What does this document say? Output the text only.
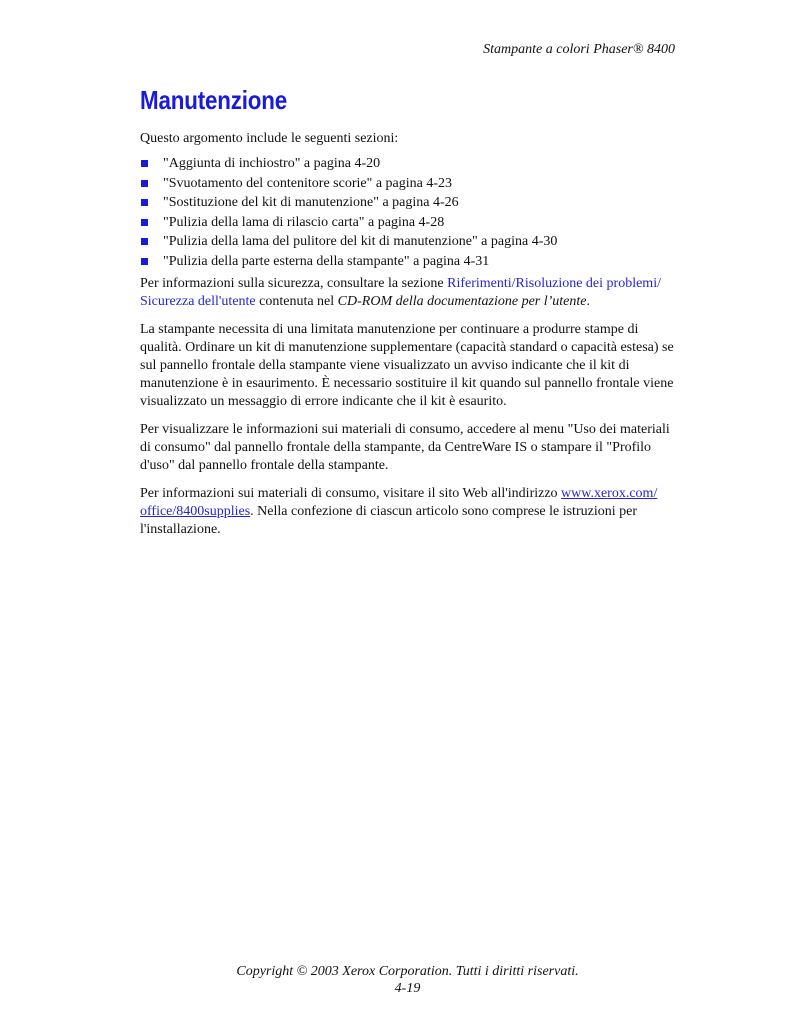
Stampante a colori Phaser® 8400
Manutenzione

Questo argomento include le seguenti sezioni:

"Aggiunta di inchiostro" a pagina 4-20
"Svuotamento del contenitore scorie" a pagina 4-23
"Sostituzione del kit di manutenzione" a pagina 4-26
"Pulizia della lama di rilascio carta" a pagina 4-28
"Pulizia della lama del pulitore del kit di manutenzione" a pagina 4-30
"Pulizia della parte esterna della stampante" a pagina 4-31

Per informazioni sulla sicurezza, consultare la sezione Riferimenti/Risoluzione dei problemi/
Sicurezza dell'utente contenuta nel CD-ROM della documentazione per l’utente.

La stampante necessita di una limitata manutenzione per continuare a produrre stampe di qualità. Ordinare un kit di manutenzione supplementare (capacità standard o capacità estesa) se sul pannello frontale della stampante viene visualizzato un avviso indicante che il kit di manutenzione è in esaurimento. È necessario sostituire il kit quando sul pannello frontale viene visualizzato un messaggio di errore indicante che il kit è esaurito.

Per visualizzare le informazioni sui materiali di consumo, accedere al menu "Uso dei materiali di consumo" dal pannello frontale della stampante, da CentreWare IS o stampare il "Profilo d'uso" dal pannello frontale della stampante.

Per informazioni sui materiali di consumo, visitare il sito Web all'indirizzo www.xerox.com/
office/8400supplies. Nella confezione di ciascun articolo sono comprese le istruzioni per l'installazione.

Copyright © 2003 Xerox Corporation. Tutti i diritti riservati.
4-19
